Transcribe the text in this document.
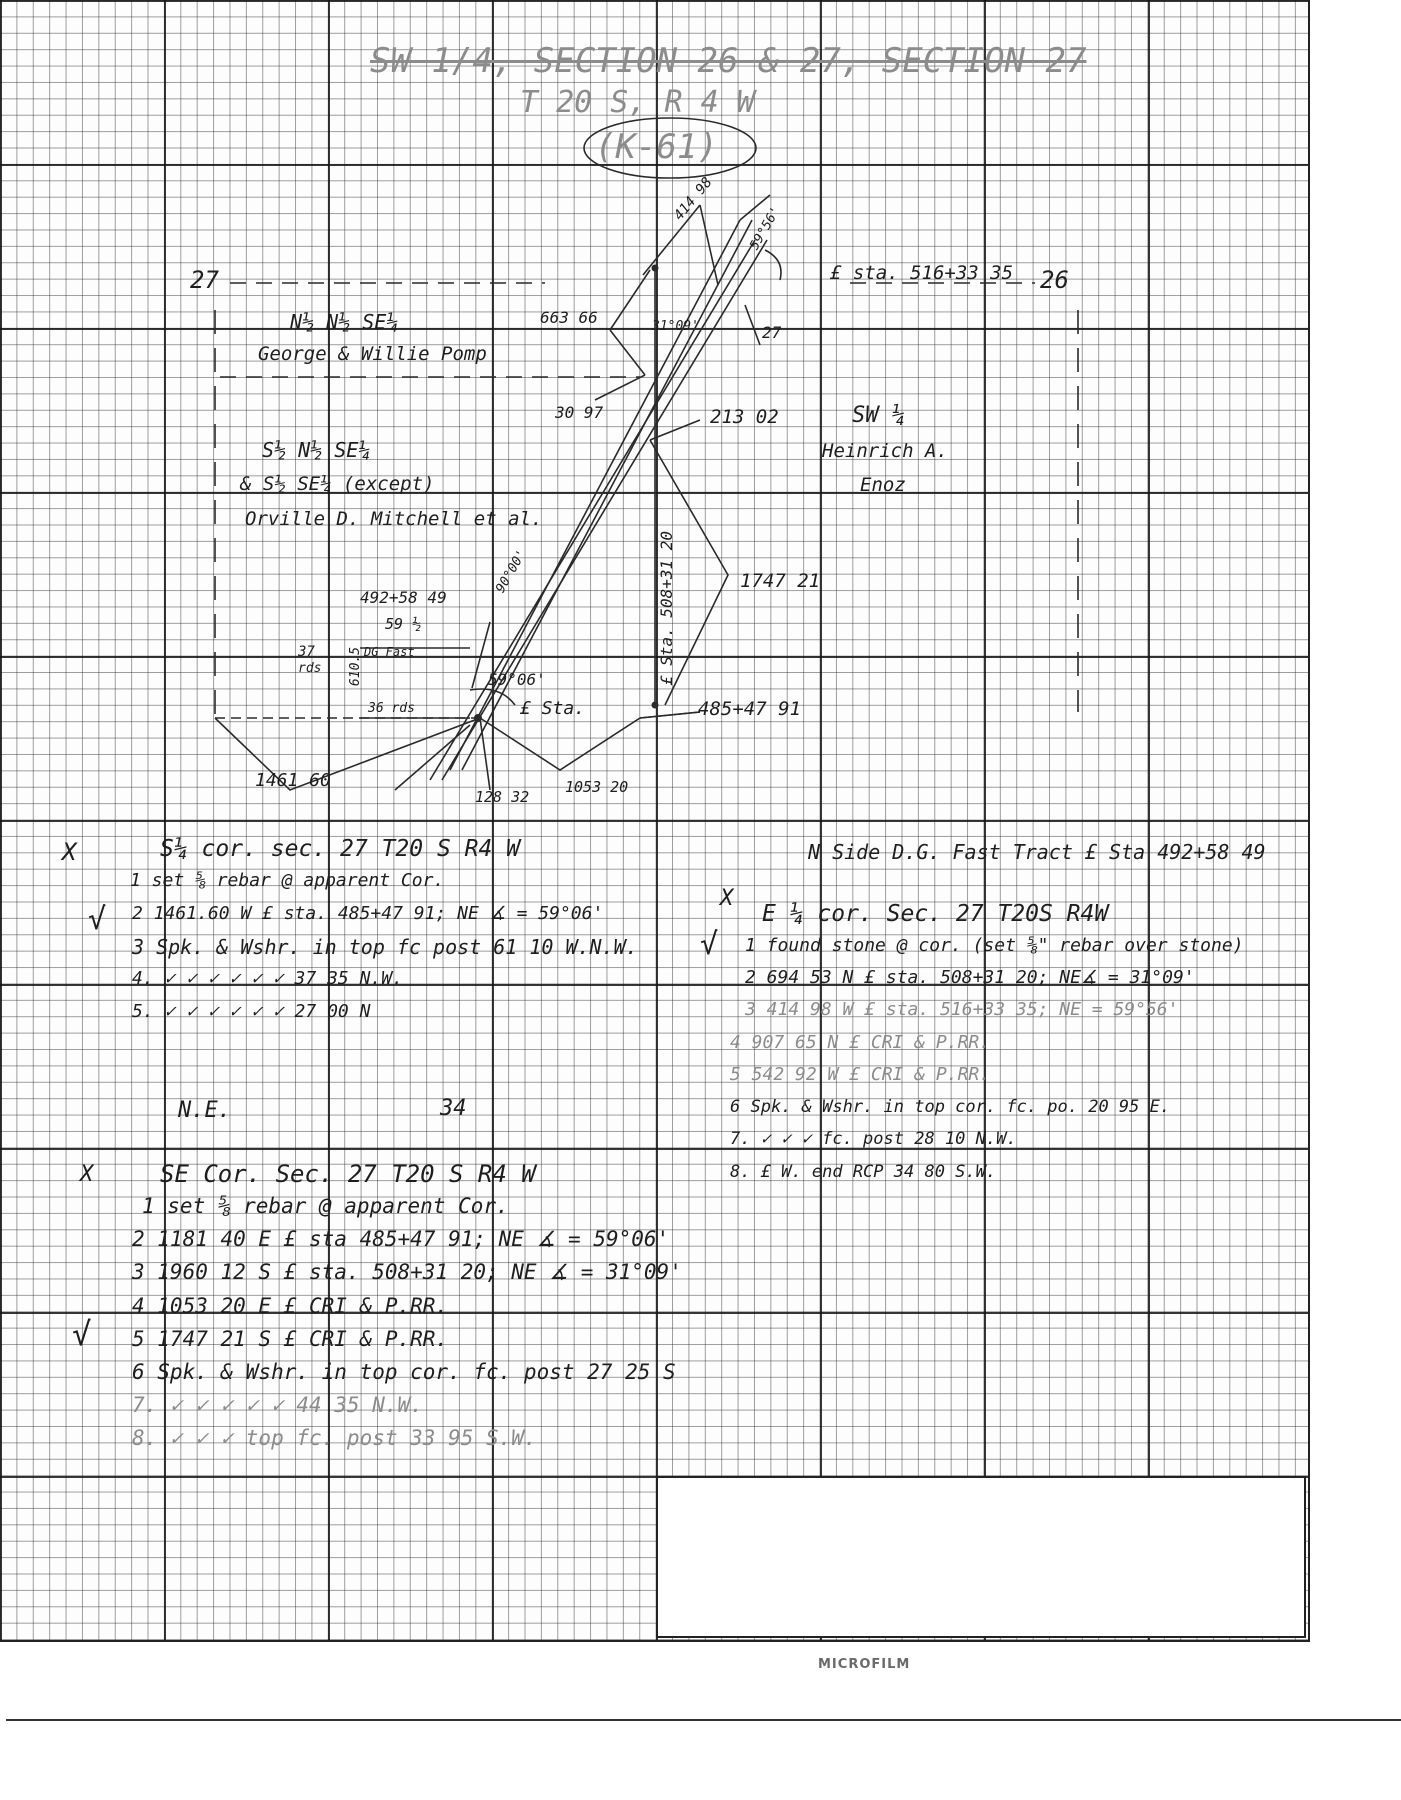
SW 1/4, SECTION 26 & 27, SECTION 27
T 20 S, R 4 W
(K-61)
27	26
27
£ sta. 516+33 35
414 98
59°56'
663 66	31°09'
30 97	213 02
N½ N½ SE¼
George & Willie Pomp
S½ N½ SE¼
& S½ SE¼ (except)
Orville D. Mitchell et al.
SW ¼
Heinrich A.
Enoz
492+58 49
90°00'
59 ½
37
rds 610.5 DG Fast
36 rds
59°06'
£ Sta.
£ Sta. 508+31 20	1747 21
485+47 91
1461 60
128 32
1053 20
X	S¼ cor. sec. 27 T20 S R4 W
√
1 set ⅝ rebar @ apparent Cor.
2 1461.60 W £ sta. 485+47 91; NE ∡ = 59°06'
3 Spk. & Wshr. in top fc post 61 10 W.N.W.
4. ✓ ✓ ✓ ✓ ✓ ✓ 37 35 N.W.
5. ✓ ✓ ✓ ✓ ✓ ✓ 27 00 N
N Side D.G. Fast Tract £ Sta 492+58 49
X
√
E ¼ cor. Sec. 27 T20S R4W
1 found stone @ cor. (set ⅝" rebar over stone)
2 694 53 N £ sta. 508+31 20; NE∡ = 31°09'
3 414 98 W £ sta. 516+33 35; NE = 59°56'
4 907 65 N £ CRI & P.RR.
5 542 92 W £ CRI & P.RR.
6 Spk. & Wshr. in top cor. fc. po. 20 95 E.
7. ✓ ✓ ✓ fc. post 28 10 N.W.
8. £ W. end RCP 34 80 S.W.
N.E.	34
X	SE Cor. Sec. 27 T20 S R4 W
√
1 set ⅝ rebar @ apparent Cor.
2 1181 40 E £ sta 485+47 91; NE ∡ = 59°06'
3 1960 12 S £ sta. 508+31 20; NE ∡ = 31°09'
4 1053 20 E £ CRI & P.RR.
5 1747 21 S £ CRI & P.RR.
6 Spk. & Wshr. in top cor. fc. post 27 25 S
7. ✓ ✓ ✓ ✓ ✓ 44 35 N.W.
8. ✓ ✓ ✓ top fc. post 33 95 S.W.
MICROFILM
